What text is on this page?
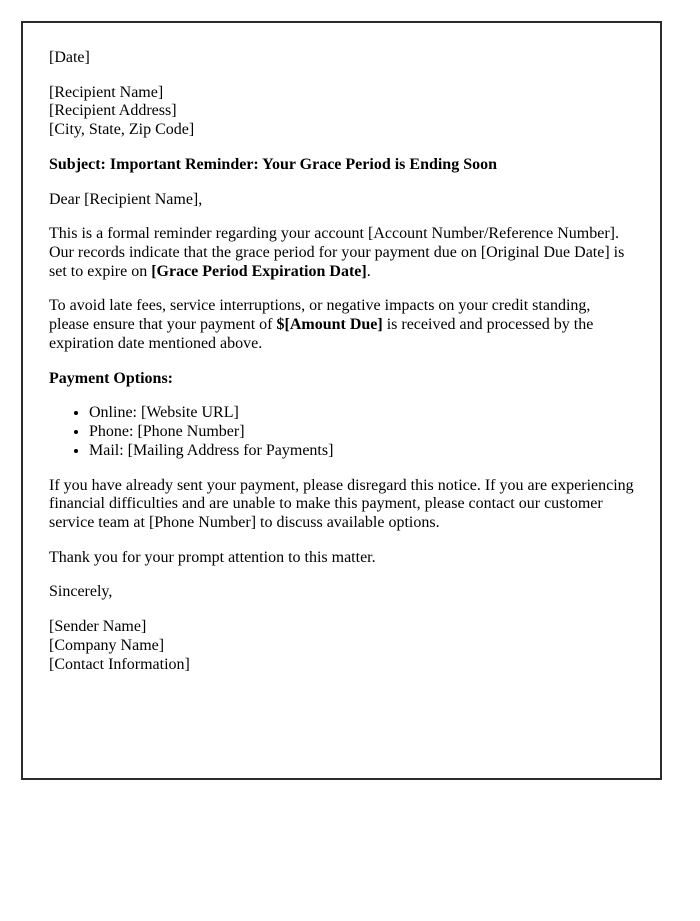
[Date]

[Recipient Name]
[Recipient Address]
[City, State, Zip Code]

Subject: Important Reminder: Your Grace Period is Ending Soon

Dear [Recipient Name],

This is a formal reminder regarding your account [Account Number/Reference Number]. Our records indicate that the grace period for your payment due on [Original Due Date] is set to expire on [Grace Period Expiration Date].

To avoid late fees, service interruptions, or negative impacts on your credit standing, please ensure that your payment of $[Amount Due] is received and processed by the expiration date mentioned above.

Payment Options:

• Online: [Website URL]
• Phone: [Phone Number]
• Mail: [Mailing Address for Payments]

If you have already sent your payment, please disregard this notice. If you are experiencing financial difficulties and are unable to make this payment, please contact our customer service team at [Phone Number] to discuss available options.

Thank you for your prompt attention to this matter.

Sincerely,

[Sender Name]
[Company Name]
[Contact Information]
